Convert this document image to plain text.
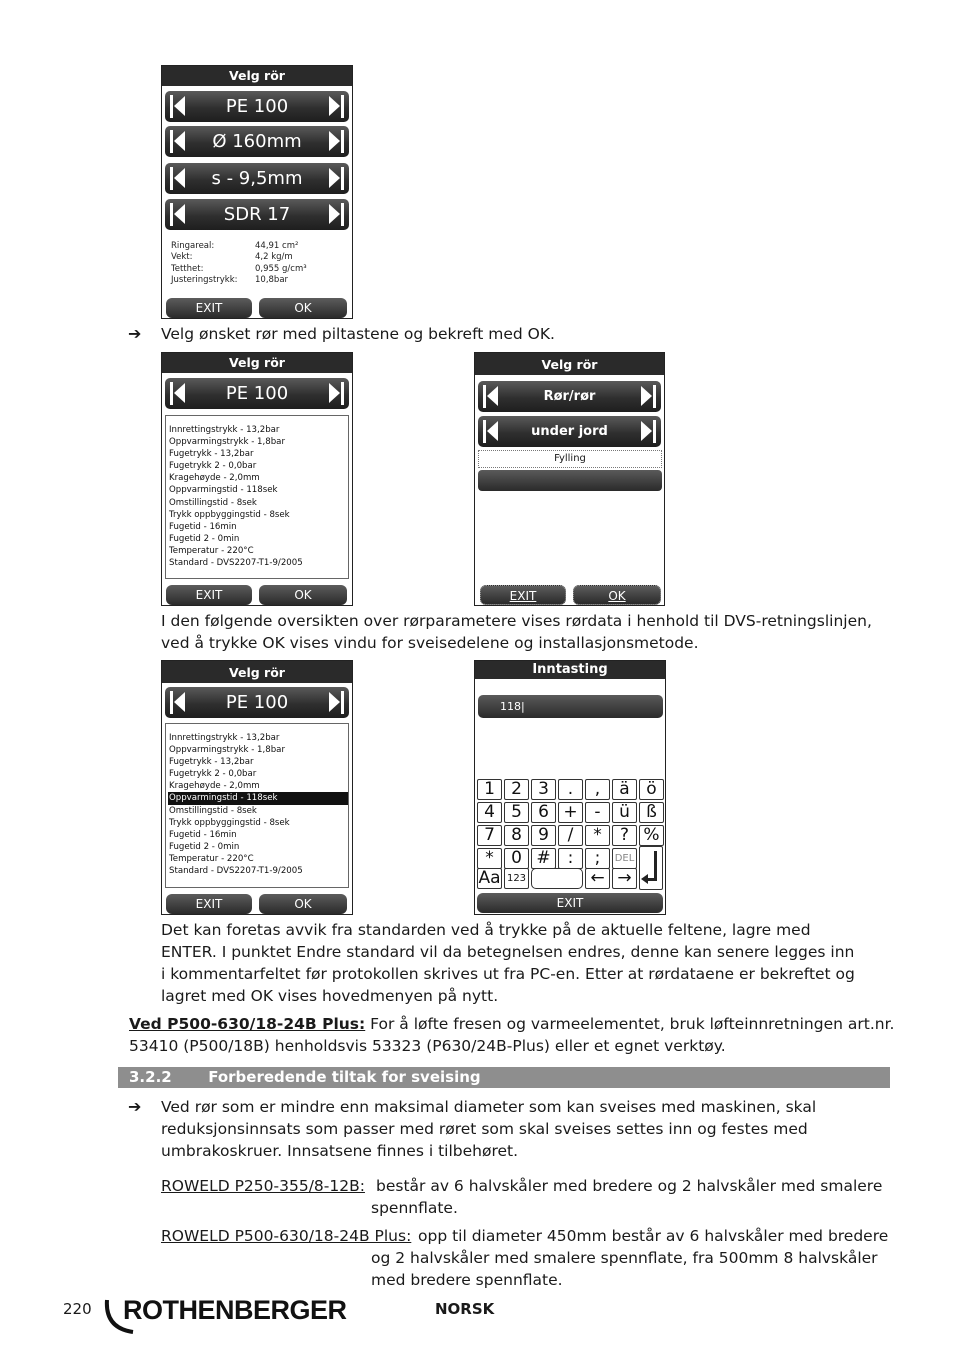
Velg rör
PE 100
Ø 160mm
s - 9,5mm
SDR 17
Ringareal:	44,91 cm²
Vekt:	4,2 kg/m
Tetthet:	0,955 g/cm³
Justeringstrykk: 10,8bar
EXIT	OK
➔ Velg ønsket rør med piltastene og bekreft med OK.
Velg rör
PE 100
Innrettingstrykk - 13,2bar
Oppvarmingstrykk - 1,8bar
Fugetrykk - 13,2bar
Fugetrykk 2 - 0,0bar
Kragehøyde - 2,0mm
Oppvarmingstid - 118sek
Omstillingstid - 8sek
Trykk oppbyggingstid - 8sek
Fugetid - 16min
Fugetid 2 - 0min
Temperatur - 220°C
Standard - DVS2207-T1-9/2005
EXIT	OK
Velg rör
Rør/rør
under jord
Fylling
EXIT	OK
I den følgende oversikten over rørparametere vises rørdata i henhold til DVS-retningslinjen,
ved å trykke OK vises vindu for sveisedelene og installasjonsmetode.
Velg rör
PE 100
Innrettingstrykk - 13,2bar
Oppvarmingstrykk - 1,8bar
Fugetrykk - 13,2bar
Fugetrykk 2 - 0,0bar
Kragehøyde - 2,0mm
Oppvarmingstid - 118sek
Omstillingstid - 8sek
Trykk oppbyggingstid - 8sek
Fugetid - 16min
Fugetid 2 - 0min
Temperatur - 220°C
Standard - DVS2207-T1-9/2005
EXIT	OK
Inntasting
118|
1 2 3	.	,	ä ö
4 5 6 + -	ü ß
7 8 9	/	*	? %
*	0 #	:	;	DEL
Aa 123	← →
EXIT
Det kan foretas avvik fra standarden ved å trykke på de aktuelle feltene, lagre med
ENTER. I punktet Endre standard vil da betegnelsen endres, denne kan senere legges inn
i kommentarfeltet før protokollen skrives ut fra PC-en. Etter at rørdataene er bekreftet og
lagret med OK vises hovedmenyen på nytt.
Ved P500-630/18-24B Plus: For å løfte fresen og varmeelementet, bruk løfteinnretningen art.nr.
53410 (P500/18B) henholdsvis 53323 (P630/24B-Plus) eller et egnet verktøy.
3.2.2 Forberedende tiltak for sveising
➔ Ved rør som er mindre enn maksimal diameter som kan sveises med maskinen, skal
reduksjonsinnsats som passer med røret som skal sveises settes inn og festes med
umbrakoskruer. Innsatsene finnes i tilbehøret.
ROWELD P250-355/8-12B: består av 6 halvskåler med bredere og 2 halvskåler med smalere
spennflate.
ROWELD P500-630/18-24B Plus: opp til diameter 450mm består av 6 halvskåler med bredere
og 2 halvskåler med smalere spennflate, fra 500mm 8 halvskåler
med bredere spennflate.
220 ROTHENBERGER	NORSK
